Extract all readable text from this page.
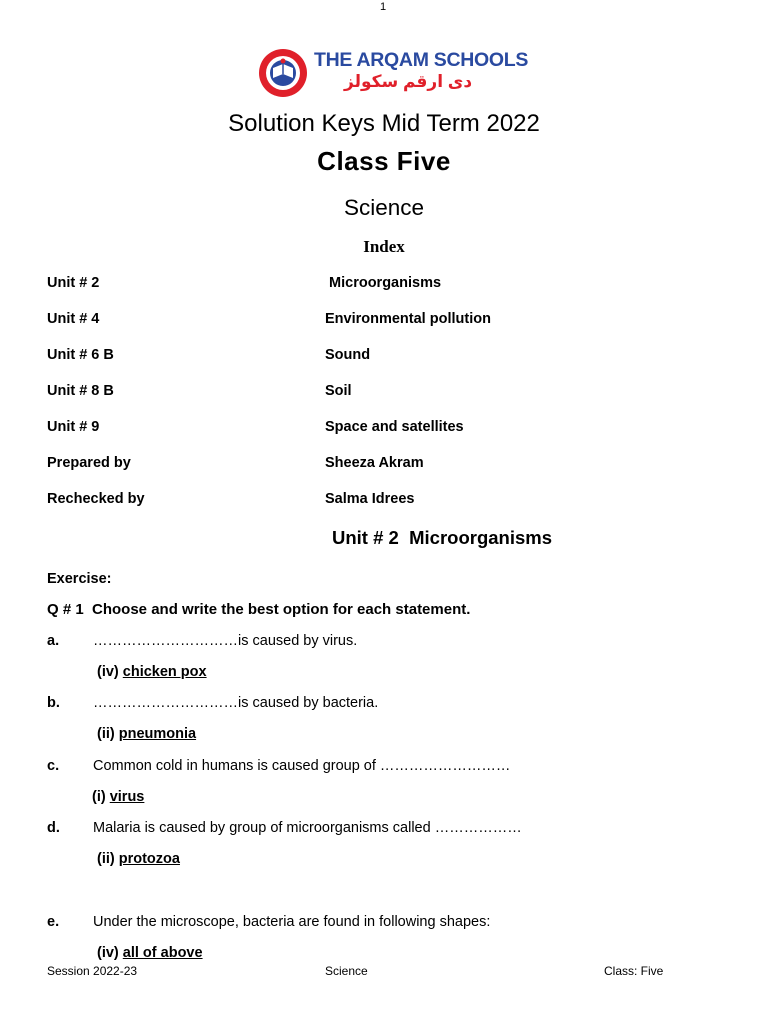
1
THE ARQAM SCHOOLS
دی ارقم سکولز
Solution Keys Mid Term 2022
Class Five
Science
Index
Unit # 2	Microorganisms
Unit # 4	Environmental pollution
Unit # 6 B	Sound
Unit # 8 B	Soil
Unit # 9	Space and satellites
Prepared by	Sheeza Akram
Rechecked by	Salma Idrees
Unit # 2  Microorganisms
Exercise:
Q # 1  Choose and write the best option for each statement.
a. …………………………is caused by virus.
(iv) chicken pox
b. …………………………is caused by bacteria.
(ii) pneumonia
c. Common cold in humans is caused group of ………………………
(i) virus
d. Malaria is caused by group of microorganisms called ………………
(ii) protozoa
e. Under the microscope, bacteria are found in following shapes:
(iv) all of above
Session 2022-23	Science	Class: Five
